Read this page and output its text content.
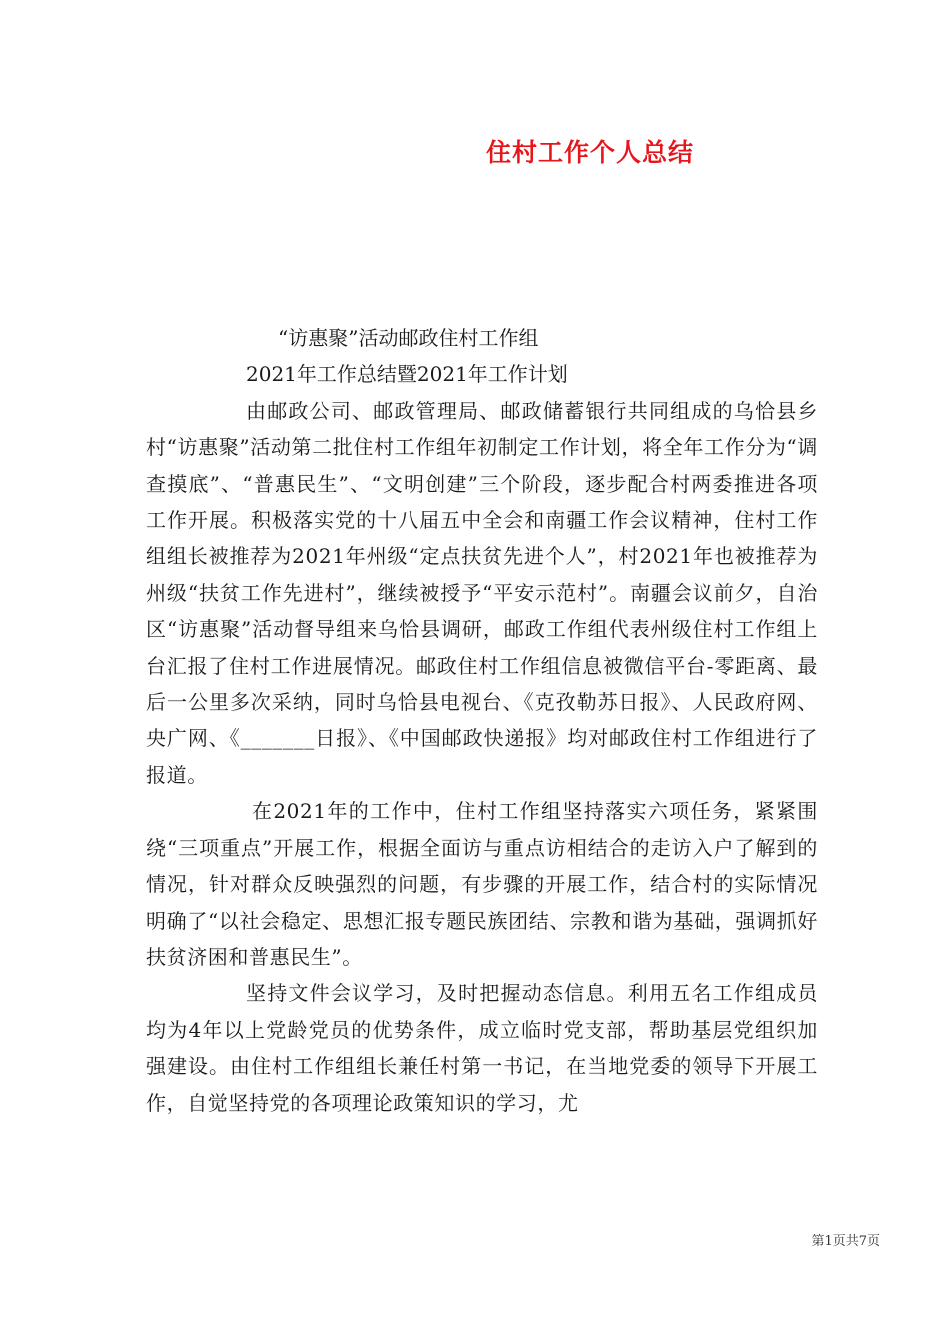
住村工作个人总结
“访惠聚”活动邮政住村工作组
2021年工作总结暨2021年工作计划

由邮政公司、邮政管理局、邮政储蓄银行共同组成的乌恰县乡村“访惠聚”活动第二批住村工作组年初制定工作计划，将全年工作分为“调查摸底”、“普惠民生”、“文明创建”三个阶段，逐步配合村两委推进各项工作开展。积极落实党的十八届五中全会和南疆工作会议精神，住村工作组组长被推荐为2021年州级“定点扶贫先进个人”，村2021年也被推荐为州级“扶贫工作先进村”，继续被授予“平安示范村”。南疆会议前夕，自治区“访惠聚”活动督导组来乌恰县调研，邮政工作组代表州级住村工作组上台汇报了住村工作进展情况。邮政住村工作组信息被微信平台-零距离、最后一公里多次采纳，同时乌恰县电视台、《克孜勒苏日报》、人民政府网、央广网、《_______日报》、《中国邮政快递报》均对邮政住村工作组进行了报道。

在2021年的工作中，住村工作组坚持落实六项任务，紧紧围绕“三项重点”开展工作，根据全面访与重点访相结合的走访入户了解到的情况，针对群众反映强烈的问题，有步骤的开展工作，结合村的实际情况明确了“以社会稳定、思想汇报专题民族团结、宗教和谐为基础，强调抓好扶贫济困和普惠民生”。

坚持文件会议学习，及时把握动态信息。利用五名工作组成员均为4年以上党龄党员的优势条件，成立临时党支部，帮助基层党组织加强建设。由住村工作组组长兼任村第一书记，在当地党委的领导下开展工作，自觉坚持党的各项理论政策知识的学习，尤

第1页共7页
